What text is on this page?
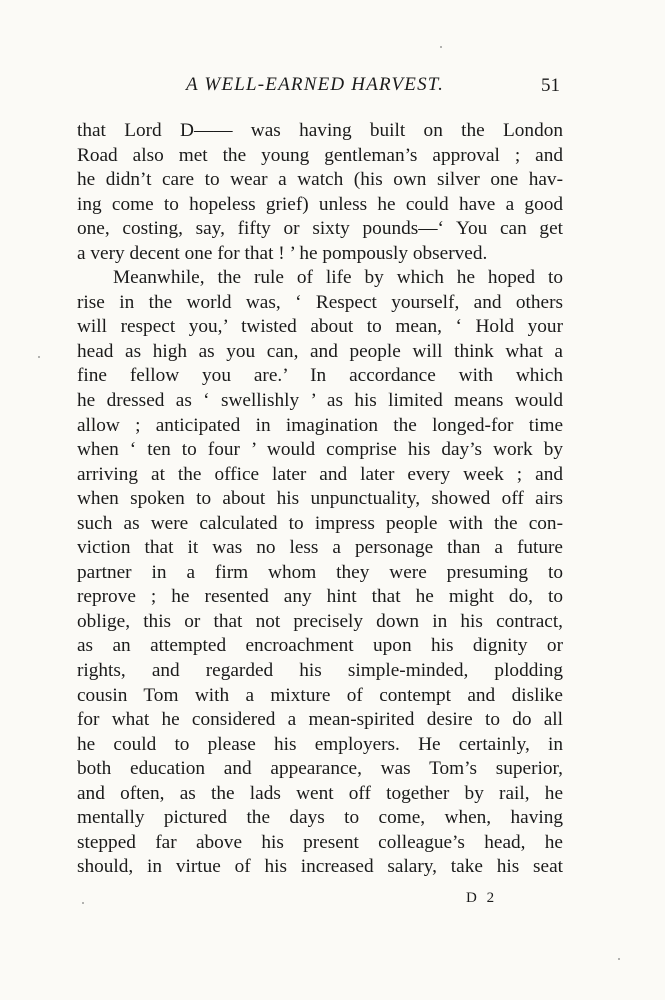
A WELL-EARNED HARVEST.	51
that Lord D—— was having built on the London
Road also met the young gentleman’s approval ; and
he didn’t care to wear a watch (his own silver one hav-
ing come to hopeless grief) unless he could have a good
one, costing, say, fifty or sixty pounds—‘ You can get
a very decent one for that ! ’ he pompously observed.
Meanwhile, the rule of life by which he hoped to
rise in the world was, ‘ Respect yourself, and others
will respect you,’ twisted about to mean, ‘ Hold your
head as high as you can, and people will think what a
fine fellow you are.’ In accordance with which
he dressed as ‘ swellishly ’ as his limited means would
allow ; anticipated in imagination the longed-for time
when ‘ ten to four ’ would comprise his day’s work by
arriving at the office later and later every week ; and
when spoken to about his unpunctuality, showed off airs
such as were calculated to impress people with the con-
viction that it was no less a personage than a future
partner in a firm whom they were presuming to
reprove ; he resented any hint that he might do, to
oblige, this or that not precisely down in his contract,
as an attempted encroachment upon his dignity or
rights, and regarded his simple-minded, plodding
cousin Tom with a mixture of contempt and dislike
for what he considered a mean-spirited desire to do all
he could to please his employers. He certainly, in
both education and appearance, was Tom’s superior,
and often, as the lads went off together by rail, he
mentally pictured the days to come, when, having
stepped far above his present colleague’s head, he
should, in virtue of his increased salary, take his seat
D 2
